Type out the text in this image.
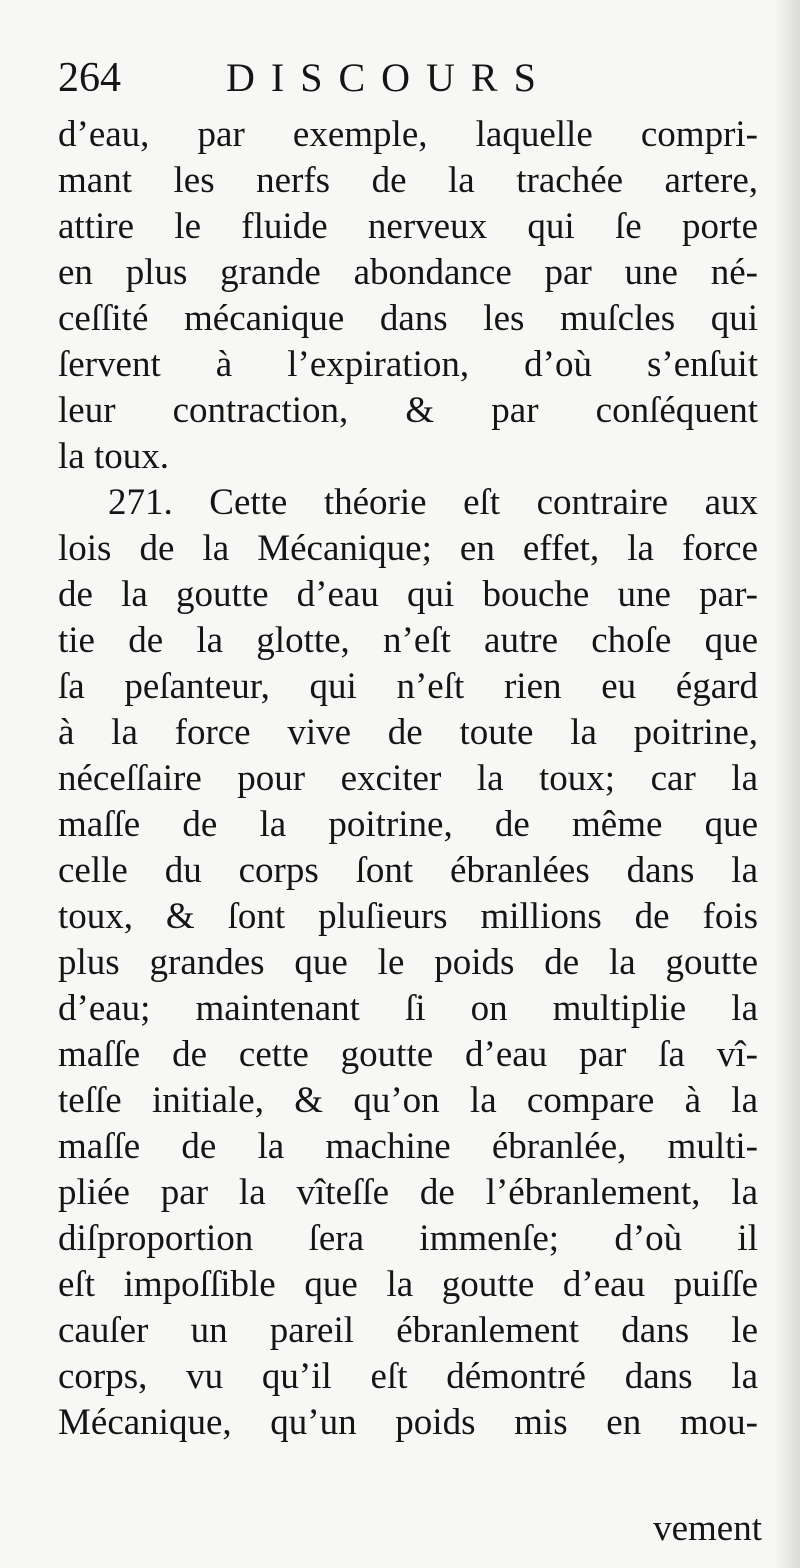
264	DISCOURS
d’eau, par exemple, laquelle compri-
mant les nerfs de la trachée artere,
attire le fluide nerveux qui ſe porte
en plus grande abondance par une né-
ceſſité mécanique dans les muſcles qui
ſervent à l’expiration, d’où s’enſuit
leur contraction, & par conſéquent
la toux.
271. Cette théorie eſt contraire aux
lois de la Mécanique; en effet, la force
de la goutte d’eau qui bouche une par-
tie de la glotte, n’eſt autre choſe que
ſa peſanteur, qui n’eſt rien eu égard
à la force vive de toute la poitrine,
néceſſaire pour exciter la toux; car la
maſſe de la poitrine, de même que
celle du corps ſont ébranlées dans la
toux, & ſont pluſieurs millions de fois
plus grandes que le poids de la goutte
d’eau; maintenant ſi on multiplie la
maſſe de cette goutte d’eau par ſa vî-
teſſe initiale, & qu’on la compare à la
maſſe de la machine ébranlée, multi-
pliée par la vîteſſe de l’ébranlement, la
diſproportion ſera immenſe; d’où il
eſt impoſſible que la goutte d’eau puiſſe
cauſer un pareil ébranlement dans le
corps, vu qu’il eſt démontré dans la
Mécanique, qu’un poids mis en mou-
vement
